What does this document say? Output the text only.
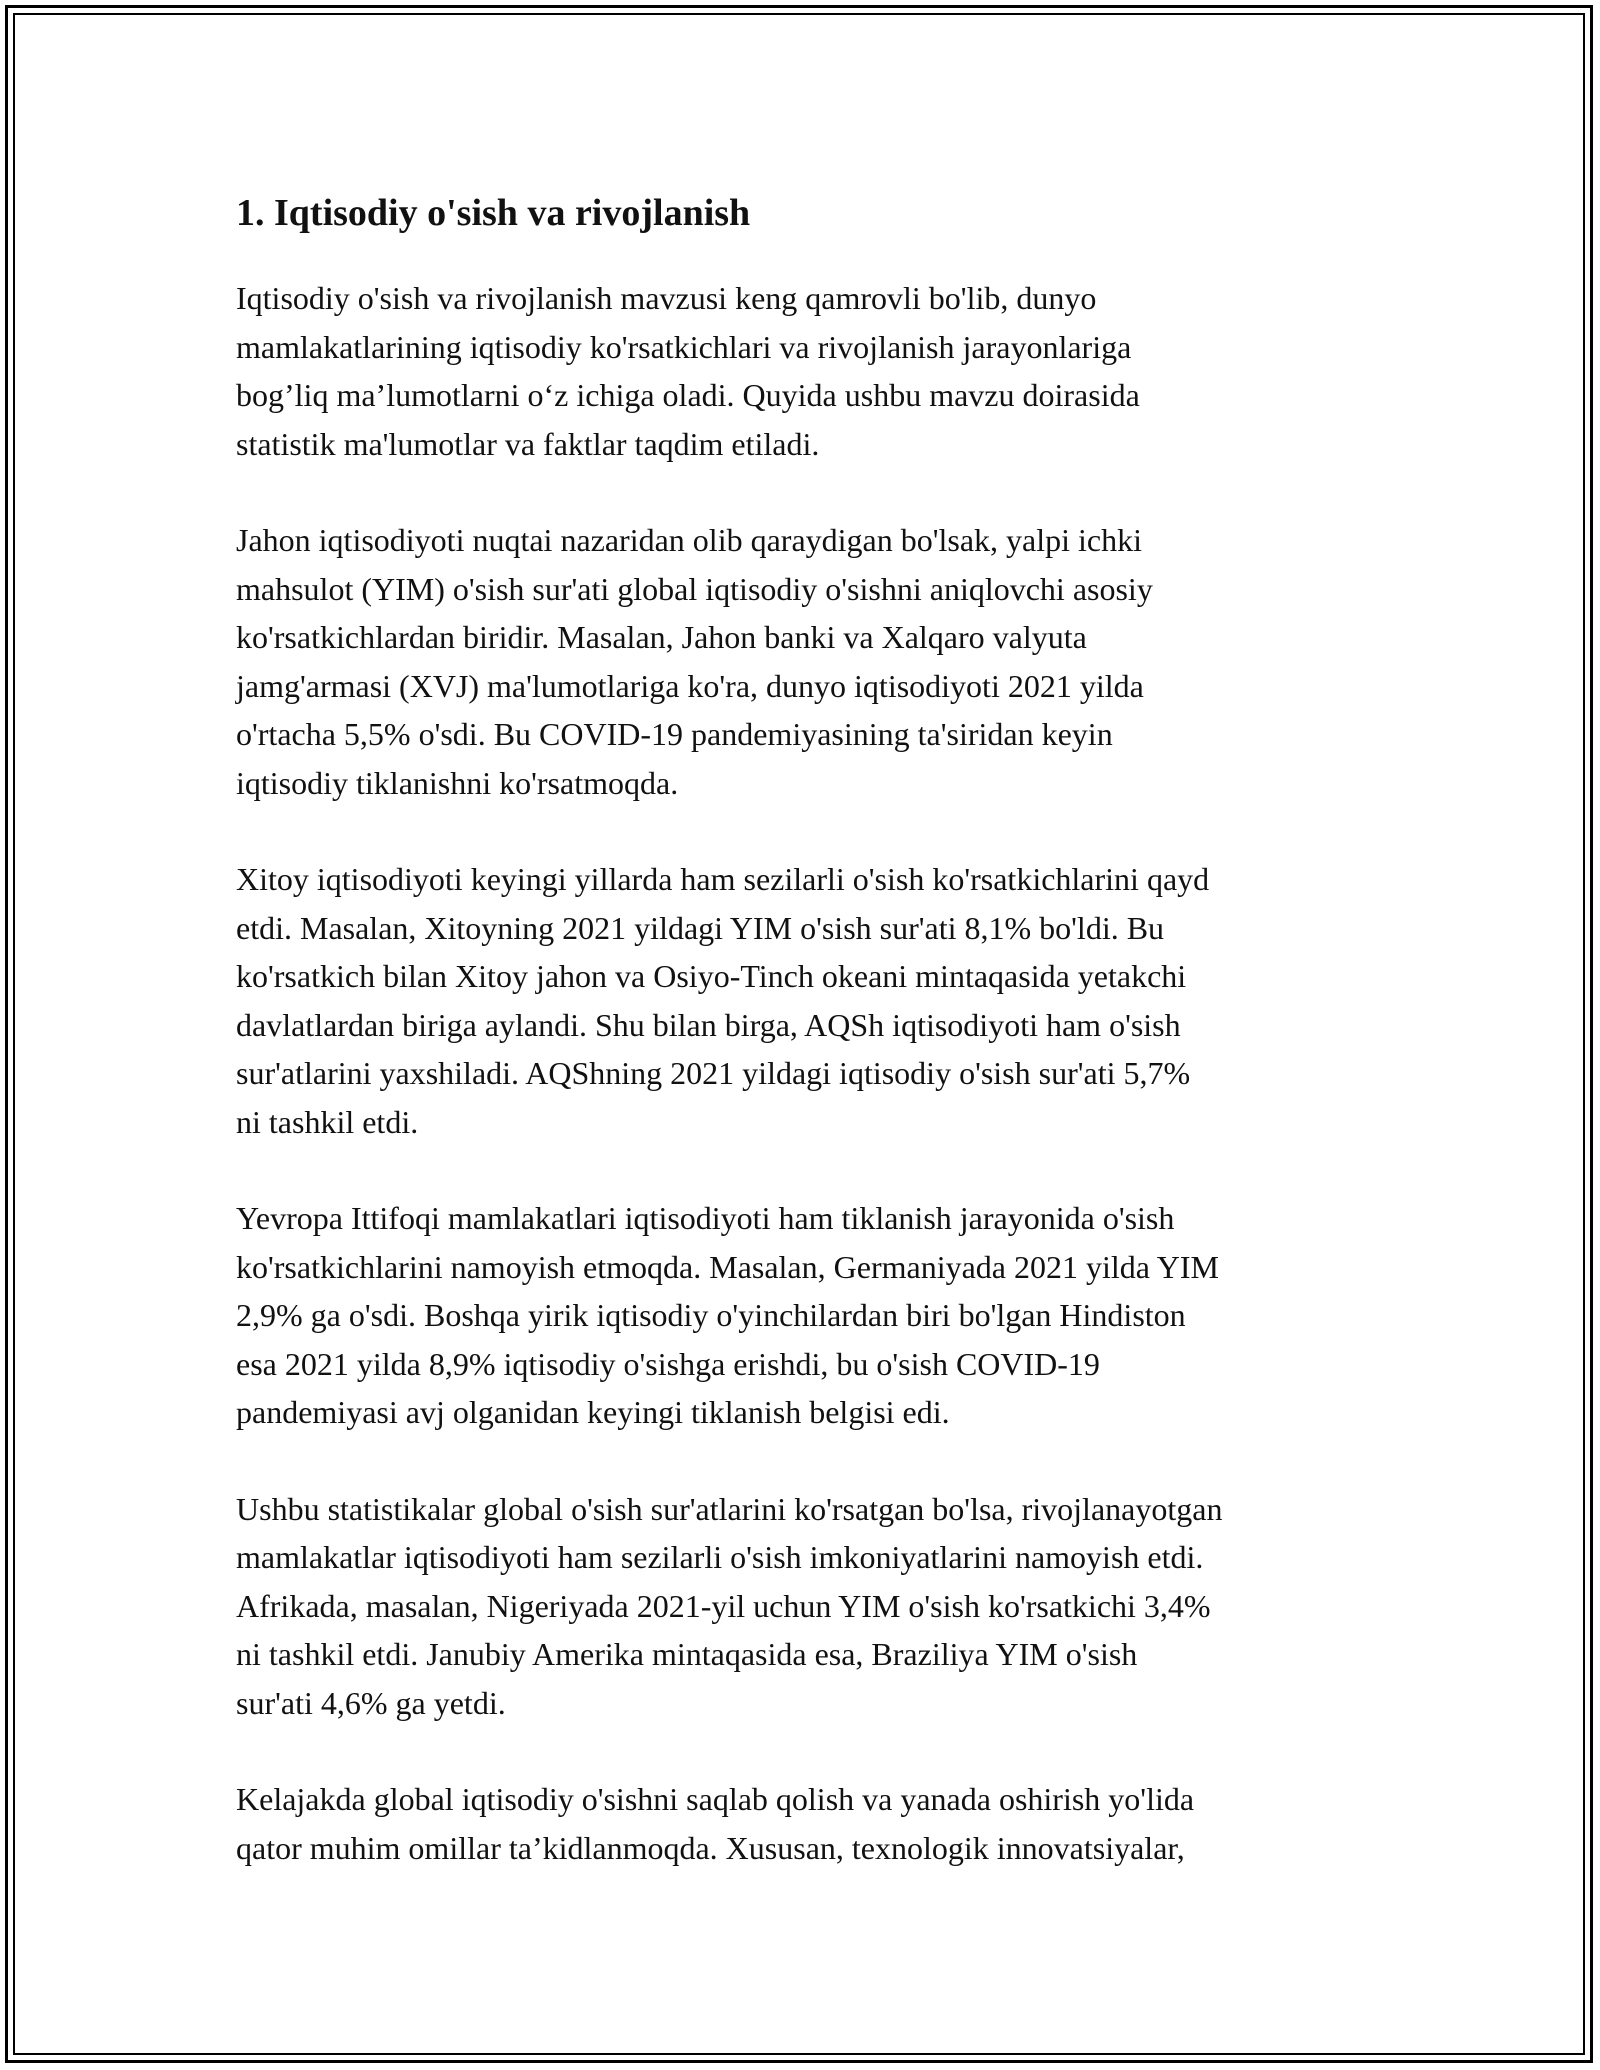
1. Iqtisodiy o'sish va rivojlanish

Iqtisodiy o'sish va rivojlanish mavzusi keng qamrovli bo'lib, dunyo
mamlakatlarining iqtisodiy ko'rsatkichlari va rivojlanish jarayonlariga
bog’liq ma’lumotlarni o‘z ichiga oladi. Quyida ushbu mavzu doirasida
statistik ma'lumotlar va faktlar taqdim etiladi.

Jahon iqtisodiyoti nuqtai nazaridan olib qaraydigan bo'lsak, yalpi ichki
mahsulot (YIM) o'sish sur'ati global iqtisodiy o'sishni aniqlovchi asosiy
ko'rsatkichlardan biridir. Masalan, Jahon banki va Xalqaro valyuta
jamg'armasi (XVJ) ma'lumotlariga ko'ra, dunyo iqtisodiyoti 2021 yilda
o'rtacha 5,5% o'sdi. Bu COVID-19 pandemiyasining ta'siridan keyin
iqtisodiy tiklanishni ko'rsatmoqda.

Xitoy iqtisodiyoti keyingi yillarda ham sezilarli o'sish ko'rsatkichlarini qayd
etdi. Masalan, Xitoyning 2021 yildagi YIM o'sish sur'ati 8,1% bo'ldi. Bu
ko'rsatkich bilan Xitoy jahon va Osiyo-Tinch okeani mintaqasida yetakchi
davlatlardan biriga aylandi. Shu bilan birga, AQSh iqtisodiyoti ham o'sish
sur'atlarini yaxshiladi. AQShning 2021 yildagi iqtisodiy o'sish sur'ati 5,7%
ni tashkil etdi.

Yevropa Ittifoqi mamlakatlari iqtisodiyoti ham tiklanish jarayonida o'sish
ko'rsatkichlarini namoyish etmoqda. Masalan, Germaniyada 2021 yilda YIM
2,9% ga o'sdi. Boshqa yirik iqtisodiy o'yinchilardan biri bo'lgan Hindiston
esa 2021 yilda 8,9% iqtisodiy o'sishga erishdi, bu o'sish COVID-19
pandemiyasi avj olganidan keyingi tiklanish belgisi edi.

Ushbu statistikalar global o'sish sur'atlarini ko'rsatgan bo'lsa, rivojlanayotgan
mamlakatlar iqtisodiyoti ham sezilarli o'sish imkoniyatlarini namoyish etdi.
Afrikada, masalan, Nigeriyada 2021-yil uchun YIM o'sish ko'rsatkichi 3,4%
ni tashkil etdi. Janubiy Amerika mintaqasida esa, Braziliya YIM o'sish
sur'ati 4,6% ga yetdi.

Kelajakda global iqtisodiy o'sishni saqlab qolish va yanada oshirish yo'lida
qator muhim omillar ta’kidlanmoqda. Xususan, texnologik innovatsiyalar,
